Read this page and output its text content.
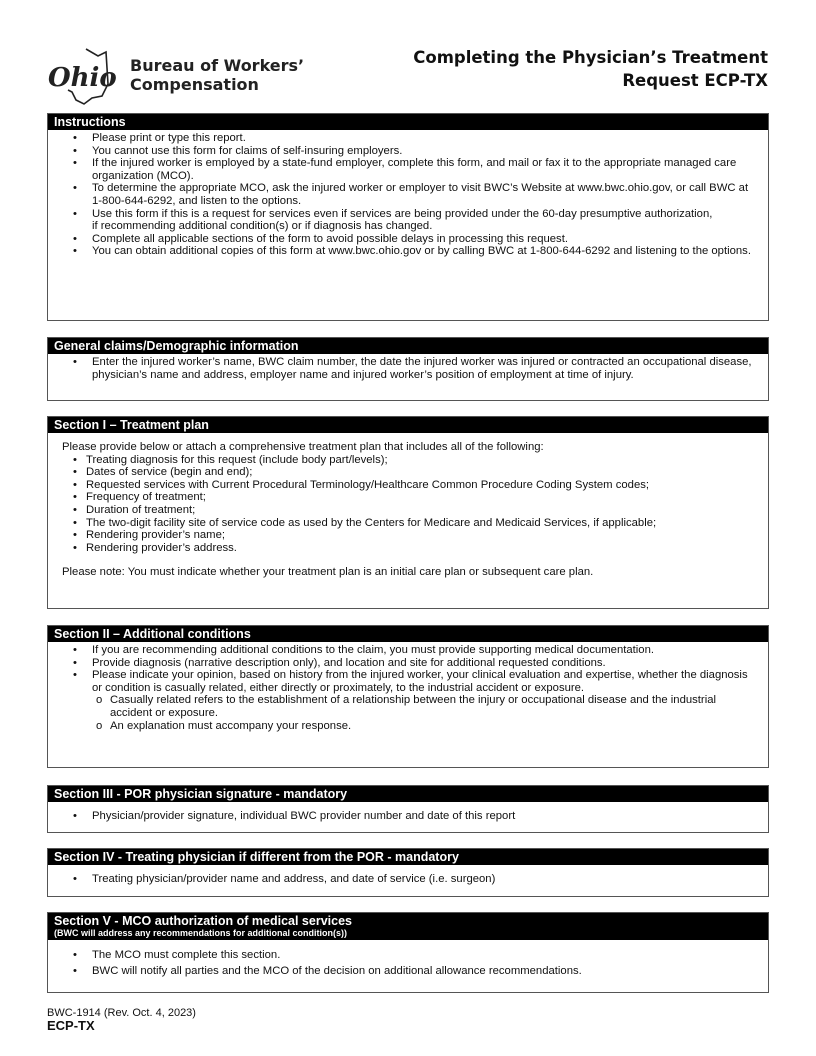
Ohio Bureau of Workers’
Compensation
Completing the Physician’s Treatment
Request ECP-TX
Instructions
• Please print or type this report.
• You cannot use this form for claims of self-insuring employers.
• If the injured worker is employed by a state-fund employer, complete this form, and mail or fax it to the appropriate managed care organization (MCO).
• To determine the appropriate MCO, ask the injured worker or employer to visit BWC’s Website at www.bwc.ohio.gov, or call BWC at 1-800-644-6292, and listen to the options.
• Use this form if this is a request for services even if services are being provided under the 60-day presumptive authorization,
if recommending additional condition(s) or if diagnosis has changed.
• Complete all applicable sections of the form to avoid possible delays in processing this request.
• You can obtain additional copies of this form at www.bwc.ohio.gov or by calling BWC at 1-800-644-6292 and listening to the options.
General claims/Demographic information
• Enter the injured worker’s name, BWC claim number, the date the injured worker was injured or contracted an occupational disease, physician’s name and address, employer name and injured worker’s position of employment at time of injury.
Section I – Treatment plan

Please provide below or attach a comprehensive treatment plan that includes all of the following:

• Treating diagnosis for this request (include body part/levels);
• Dates of service (begin and end);
• Requested services with Current Procedural Terminology/Healthcare Common Procedure Coding System codes;
• Frequency of treatment;
• Duration of treatment;
• The two-digit facility site of service code as used by the Centers for Medicare and Medicaid Services, if applicable;
• Rendering provider’s name;
• Rendering provider’s address.

Please note: You must indicate whether your treatment plan is an initial care plan or subsequent care plan.

Section II – Additional conditions
• If you are recommending additional conditions to the claim, you must provide supporting medical documentation.
• Provide diagnosis (narrative description only), and location and site for additional requested conditions.
• Please indicate your opinion, based on history from the injured worker, your clinical evaluation and expertise, whether the diagnosis or condition is casually related, either directly or proximately, to the industrial accident or exposure.
o Casually related refers to the establishment of a relationship between the injury or occupational disease and the industrial accident or exposure.
o An explanation must accompany your response.
Section III - POR physician signature - mandatory
• Physician/provider signature, individual BWC provider number and date of this report
Section IV - Treating physician if different from the POR - mandatory
• Treating physician/provider name and address, and date of service (i.e. surgeon)
Section V - MCO authorization of medical services
(BWC will address any recommendations for additional condition(s))
• The MCO must complete this section.
• BWC will notify all parties and the MCO of the decision on additional allowance recommendations.
BWC-1914 (Rev. Oct. 4, 2023)
ECP-TX
